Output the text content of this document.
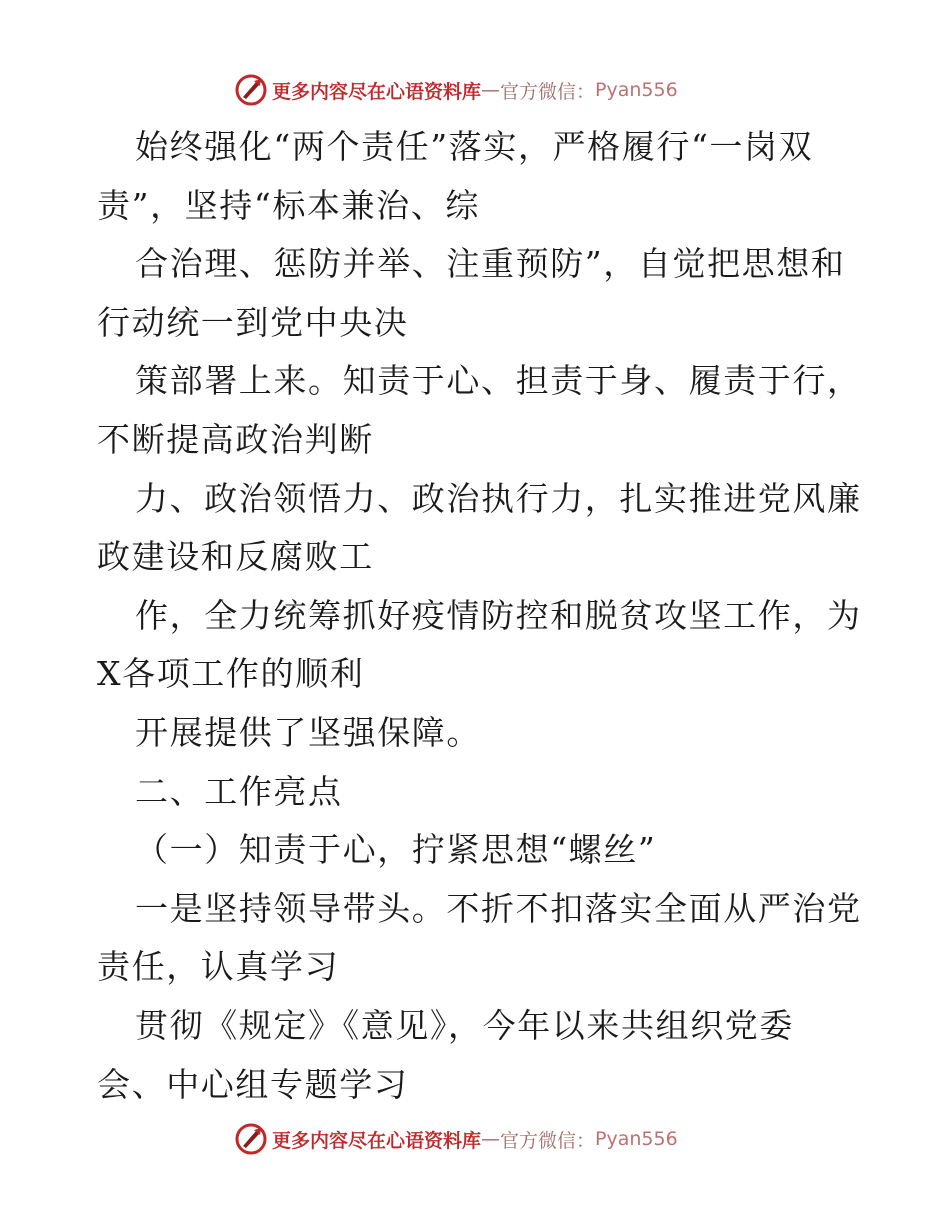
更多内容尽在心语资料库 — 官方微信： Pyan556
始终强化“两个责任”落实，严格履行“一岗双
责”，坚持“标本兼治、综
合治理、惩防并举、注重预防”，自觉把思想和
行动统一到党中央决
策部署上来。知责于心、担责于身、履责于行，
不断提高政治判断
力、政治领悟力、政治执行力，扎实推进党风廉
政建设和反腐败工
作，全力统筹抓好疫情防控和脱贫攻坚工作，为
X各项工作的顺利
开展提供了坚强保障。
二、工作亮点
（一）知责于心，拧紧思想“螺丝”
一是坚持领导带头。不折不扣落实全面从严治党
责任，认真学习
贯彻《规定》《意见》，今年以来共组织党委
会、中心组专题学习
更多内容尽在心语资料库 — 官方微信： Pyan556
